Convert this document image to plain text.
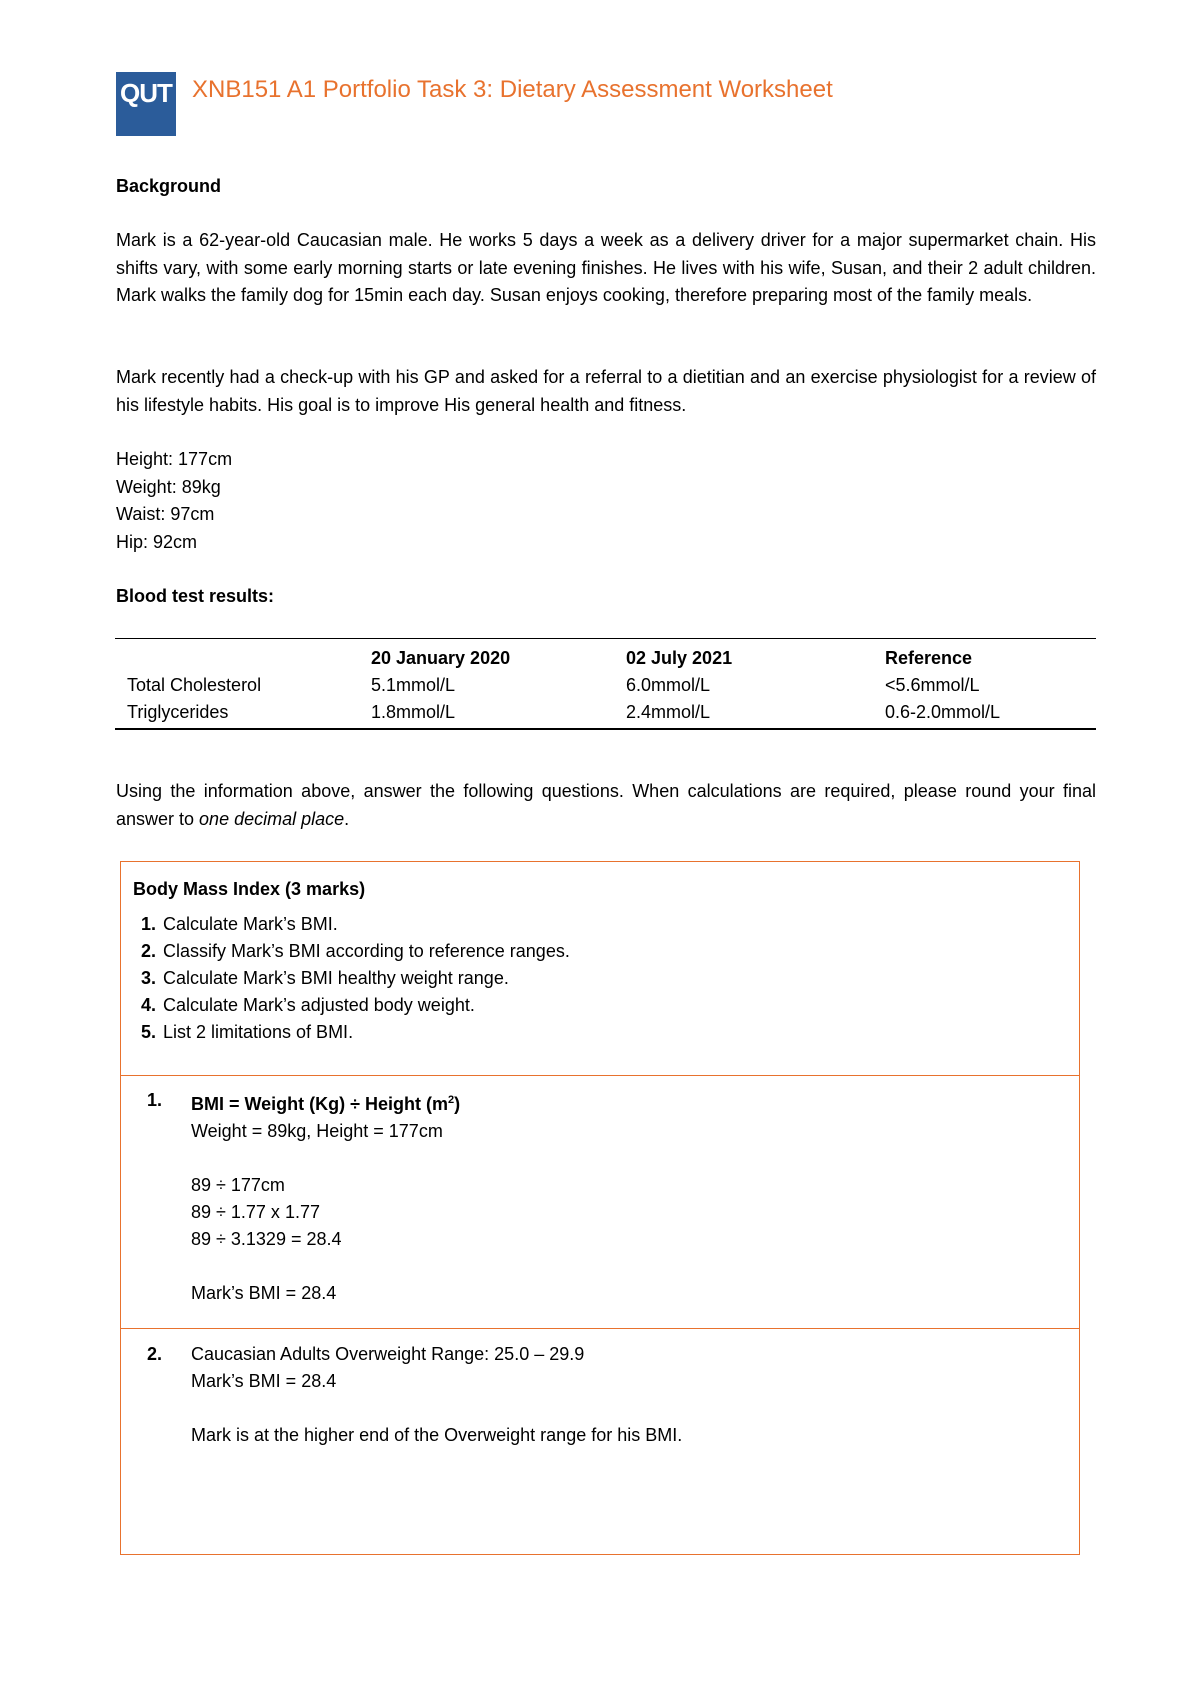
QUT XNB151 A1 Portfolio Task 3: Dietary Assessment Worksheet
Background
Mark is a 62-year-old Caucasian male. He works 5 days a week as a delivery driver for a major supermarket chain. His shifts vary, with some early morning starts or late evening finishes. He lives with his wife, Susan, and their 2 adult children. Mark walks the family dog for 15min each day. Susan enjoys cooking, therefore preparing most of the family meals.
Mark recently had a check-up with his GP and asked for a referral to a dietitian and an exercise physiologist for a review of his lifestyle habits. His goal is to improve His general health and fitness.
Height: 177cm
Weight: 89kg
Waist: 97cm
Hip: 92cm
Blood test results:
	20 January 2020	02 July 2021	Reference
Total Cholesterol	5.1mmol/L	6.0mmol/L	<5.6mmol/L
Triglycerides	1.8mmol/L	2.4mmol/L	0.6-2.0mmol/L
Using the information above, answer the following questions. When calculations are required, please round your final answer to one decimal place.
Body Mass Index (3 marks)
1. Calculate Mark’s BMI.
2. Classify Mark’s BMI according to reference ranges.
3. Calculate Mark’s BMI healthy weight range.
4. Calculate Mark’s adjusted body weight.
5. List 2 limitations of BMI.
1.	BMI = Weight (Kg) ÷ Height $(m^2)$
Weight = 89kg, Height = 177cm
89 ÷ 177cm
89 ÷ 1.77 x 1.77
89 ÷ 3.1329 = 28.4
Mark’s BMI = 28.4
2.	Caucasian Adults Overweight Range: 25.0 – 29.9
Mark’s BMI = 28.4
Mark is at the higher end of the Overweight range for his BMI.
